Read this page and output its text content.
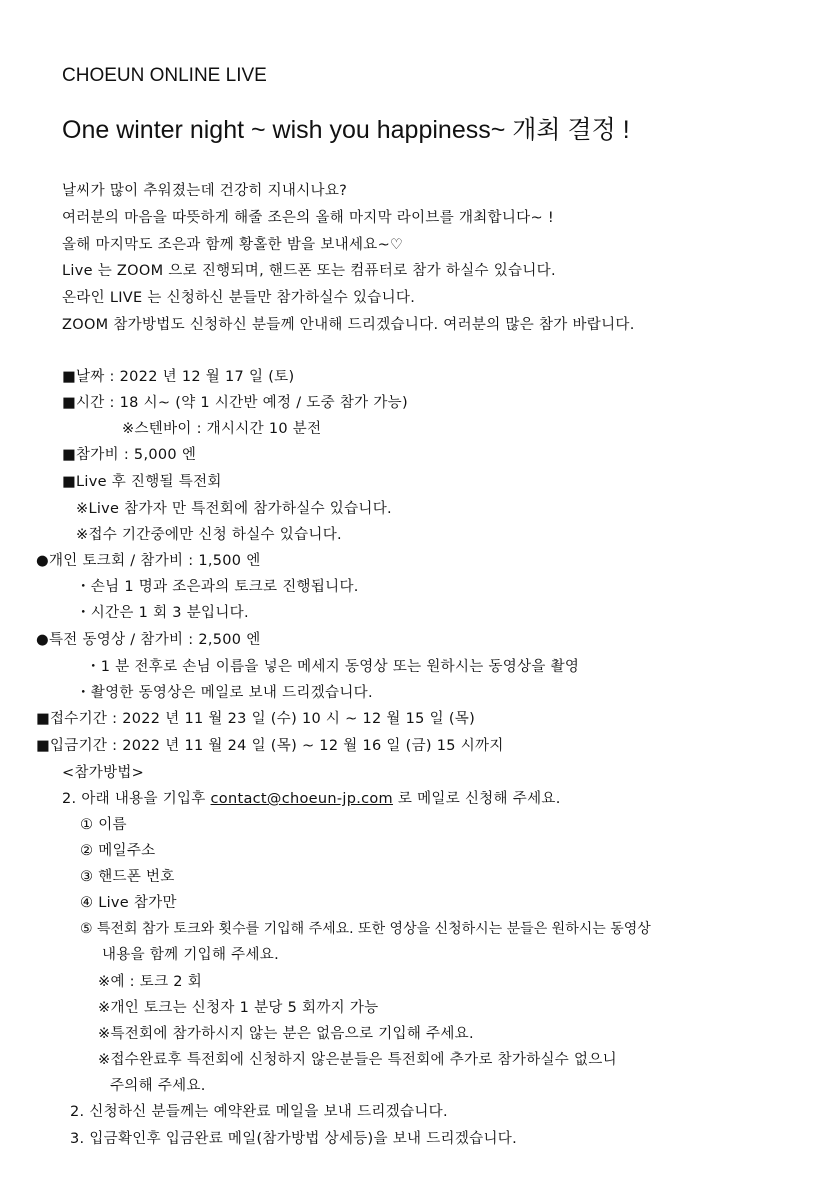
CHOEUN ONLINE LIVE
One winter night ~ wish you happiness~ 개최 결정 !
날씨가 많이 추워졌는데 건강히 지내시나요?
여러분의 마음을 따뜻하게 해줄 조은의 올해 마지막 라이브를 개최합니다~ !
올해 마지막도 조은과 함께 황홀한 밤을 보내세요~♡
Live 는 ZOOM 으로 진행되며, 핸드폰 또는 컴퓨터로 참가 하실수 있습니다.
온라인 LIVE 는 신청하신 분들만 참가하실수 있습니다.
ZOOM 참가방법도 신청하신 분들께 안내해 드리겠습니다. 여러분의 많은 참가 바랍니다.
■날짜 : 2022 년 12 월 17 일 (토)
■시간 : 18 시~ (약 1 시간반 예정 / 도중 참가 가능)
※스텐바이 : 개시시간 10 분전
■참가비 : 5,000 엔
■Live 후 진행될 특전회
※Live 참가자 만 특전회에 참가하실수 있습니다.
※접수 기간중에만 신청 하실수 있습니다.
●개인 토크회 / 참가비 : 1,500 엔
・손님 1 명과 조은과의 토크로 진행됩니다.
・시간은 1 회 3 분입니다.
●특전 동영상 / 참가비 : 2,500 엔
・1 분 전후로 손님 이름을 넣은 메세지 동영상 또는 원하시는 동영상을 촬영
・촬영한 동영상은 메일로 보내 드리겠습니다.
■접수기간 : 2022 년 11 월 23 일 (수) 10 시 ~ 12 월 15 일 (목)
■입금기간 : 2022 년 11 월 24 일 (목) ~ 12 월 16 일 (금) 15 시까지
<참가방법>
2. 아래 내용을 기입후 contact@choeun-jp.com 로 메일로 신청해 주세요.
① 이름
② 메일주소
③ 핸드폰 번호
④ Live 참가만
⑤ 특전회 참가 토크와 횟수를 기입해 주세요. 또한 영상을 신청하시는 분들은 원하시는 동영상
내용을 함께 기입해 주세요.
※예 : 토크 2 회
※개인 토크는 신청자 1 분당 5 회까지 가능
※특전회에 참가하시지 않는 분은 없음으로 기입해 주세요.
※접수완료후 특전회에 신청하지 않은분들은 특전회에 추가로 참가하실수 없으니
주의해 주세요.
2. 신청하신 분들께는 예약완료 메일을 보내 드리겠습니다.
3. 입금확인후 입금완료 메일(참가방법 상세등)을 보내 드리겠습니다.
